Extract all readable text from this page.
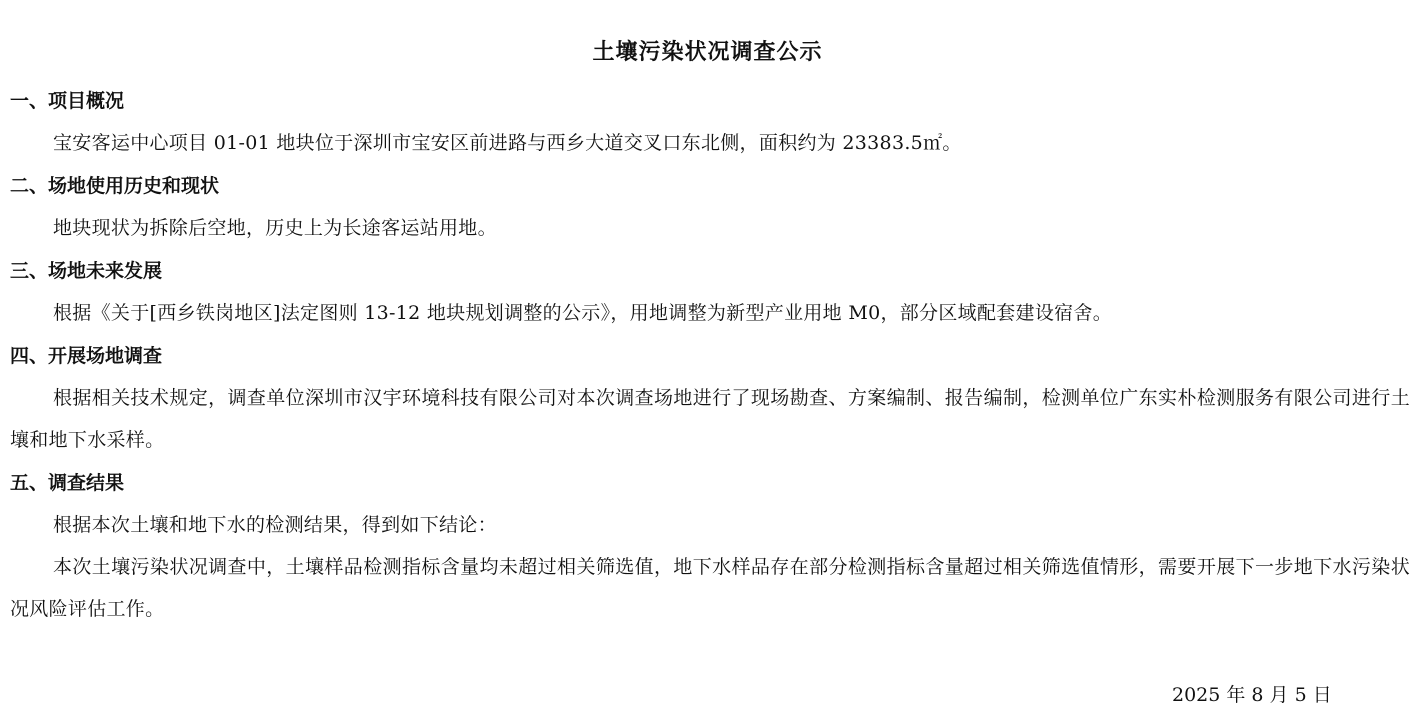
土壤污染状况调查公示
一、项目概况
宝安客运中心项目 01-01 地块位于深圳市宝安区前进路与西乡大道交叉口东北侧，面积约为 23383.5㎡。
二、场地使用历史和现状
地块现状为拆除后空地，历史上为长途客运站用地。
三、场地未来发展
根据《关于[西乡铁岗地区]法定图则 13-12 地块规划调整的公示》，用地调整为新型产业用地 M0，部分区域配套建设宿舍。
四、开展场地调查
根据相关技术规定，调查单位深圳市汉宇环境科技有限公司对本次调查场地进行了现场勘查、方案编制、报告编制，检测单位广东实朴检测服务有限公司进行土壤和地下水采样。
五、调查结果
根据本次土壤和地下水的检测结果，得到如下结论：
本次土壤污染状况调查中，土壤样品检测指标含量均未超过相关筛选值，地下水样品存在部分检测指标含量超过相关筛选值情形，需要开展下一步地下水污染状况风险评估工作。
2025 年 8 月 5 日
